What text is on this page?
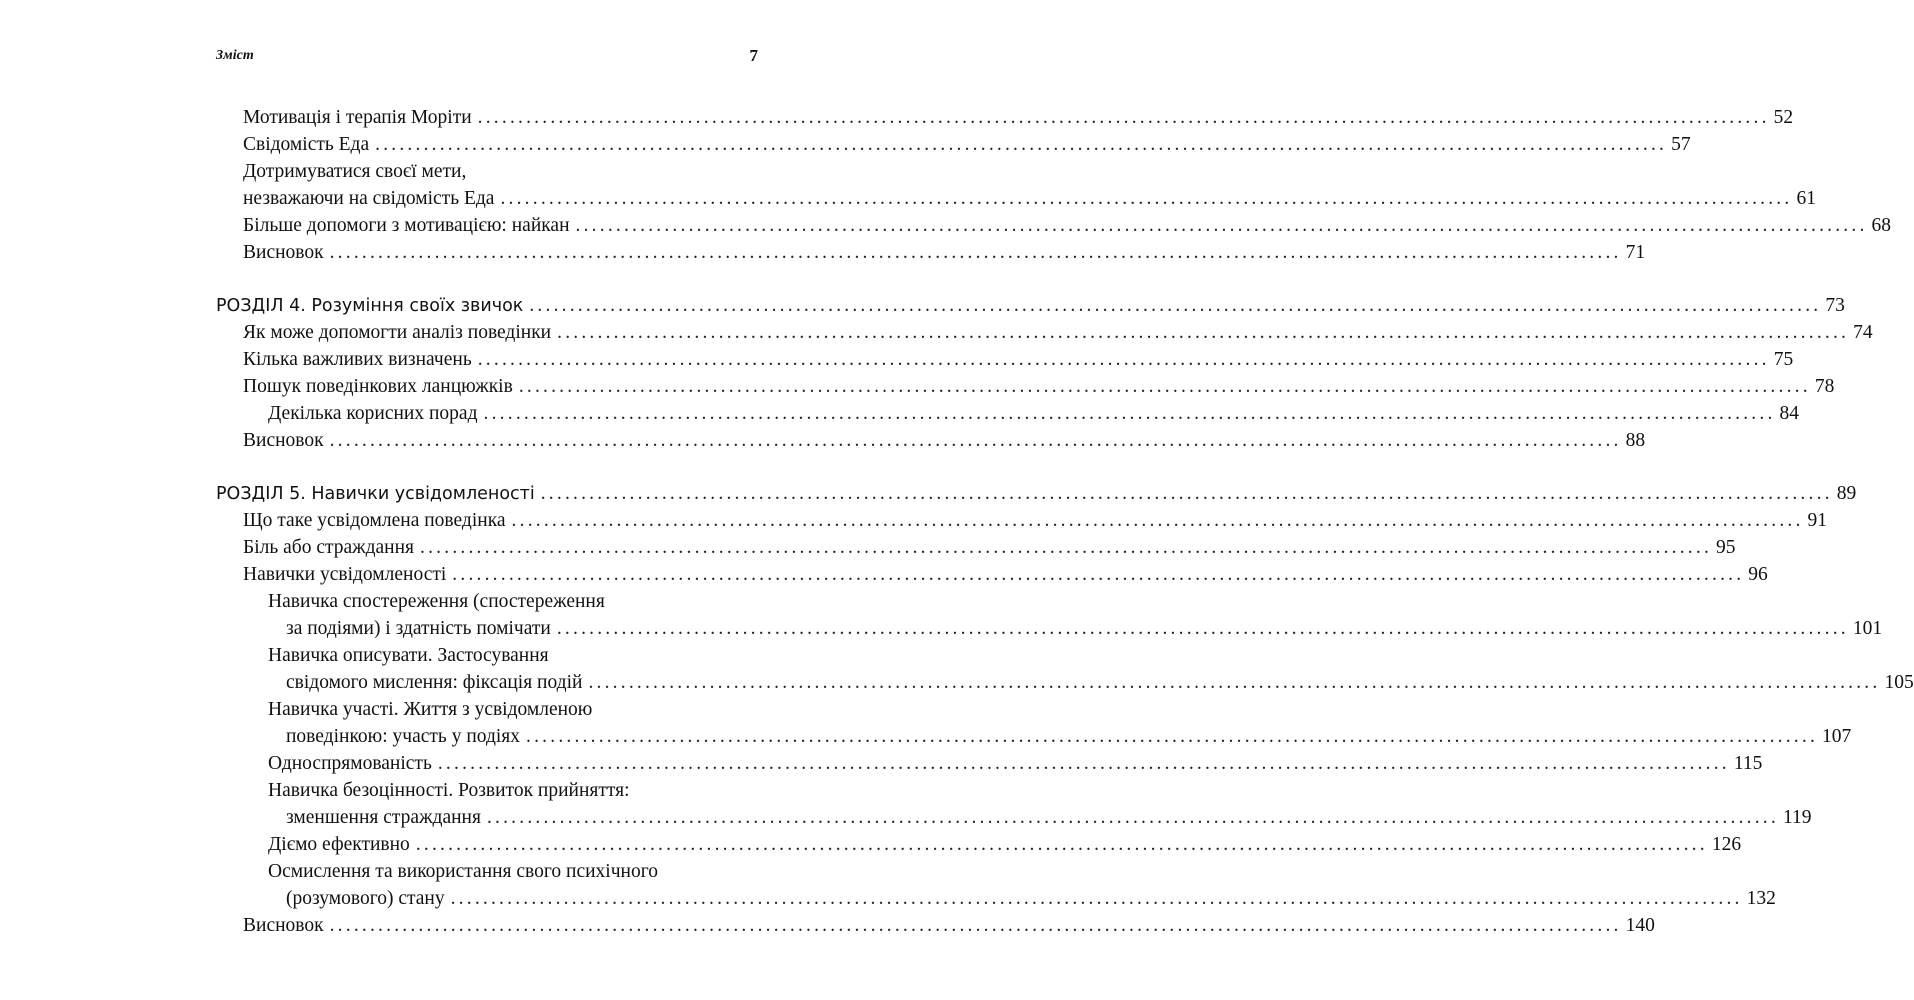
Зміст	7
Мотивація і терапія Моріти ................................................................................................................................................................ 52
Свідомість Еда ................................................................................................................................................................ 57
Дотримуватися своєї мети,
незважаючи на свідомість Еда ................................................................................................................................................................ 61
Більше допомоги з мотивацією: найкан ................................................................................................................................................................ 68
Висновок ................................................................................................................................................................ 71
РОЗДІЛ 4. Розуміння своїх звичок ................................................................................................................................................................ 73
Як може допомогти аналіз поведінки ................................................................................................................................................................ 74
Кілька важливих визначень ................................................................................................................................................................ 75
Пошук поведінкових ланцюжків ................................................................................................................................................................ 78
Декілька корисних порад ................................................................................................................................................................ 84
Висновок ................................................................................................................................................................ 88
РОЗДІЛ 5. Навички усвідомленості ................................................................................................................................................................ 89
Що таке усвідомлена поведінка ................................................................................................................................................................ 91
Біль або страждання ................................................................................................................................................................ 95
Навички усвідомленості ................................................................................................................................................................ 96
Навичка спостереження (спостереження
за подіями) і здатність помічати ................................................................................................................................................................ 101
Навичка описувати. Застосування
свідомого мислення: фіксація подій ................................................................................................................................................................ 105
Навичка участі. Життя з усвідомленою
поведінкою: участь у подіях ................................................................................................................................................................ 107
Односпрямованість ................................................................................................................................................................ 115
Навичка безоцінності. Розвиток прийняття:
зменшення страждання ................................................................................................................................................................ 119
Діємо ефективно ................................................................................................................................................................ 126
Осмислення та використання свого психічного
(розумового) стану ................................................................................................................................................................ 132
Висновок ................................................................................................................................................................ 140
